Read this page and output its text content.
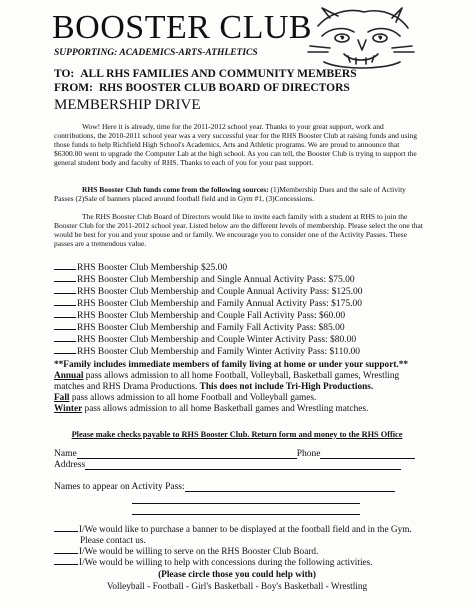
BOOSTER CLUB
SUPPORTING: ACADEMICS-ARTS-ATHLETICS
TO: ALL RHS FAMILIES AND COMMUNITY MEMBERS
FROM: RHS BOOSTER CLUB BOARD OF DIRECTORS
MEMBERSHIP DRIVE
Wow! Here it is already, time for the 2011-2012 school year. Thanks to your great support, work and contributions, the 2010-2011 school year was a very successful year for the RHS Booster Club at raising funds and using those funds to help Richfield High School's Academics, Arts and Athletic programs. We are proud to announce that $6300.00 went to upgrade the Computer Lab at the high school. As you can tell, the Booster Club is trying to support the general student body and faculty of RHS. Thanks to each of you for your past support.
RHS Booster Club funds come from the following sources: (1)Membership Dues and the sale of Activity Passes (2)Sale of banners placed around football field and in Gym #1, (3)Concessions.
The RHS Booster Club Board of Directors would like to invite each family with a student at RHS to join the Booster Club for the 2011-2012 school year. Listed below are the different levels of membership. Please select the one that would be best for you and your spouse and or family. We encourage you to consider one of the Activity Passes. These passes are a tremendous value.
RHS Booster Club Membership $25.00
RHS Booster Club Membership and Single Annual Activity Pass: $75.00
RHS Booster Club Membership and Couple Annual Activity Pass: $125.00
RHS Booster Club Membership and Family Annual Activity Pass: $175.00
RHS Booster Club Membership and Couple Fall Activity Pass: $60.00
RHS Booster Club Membership and Family Fall Activity Pass: $85.00
RHS Booster Club Membership and Couple Winter Activity Pass: $80.00
RHS Booster Club Membership and Family Winter Activity Pass: $110.00
**Family includes immediate members of family living at home or under your support.**
Annual pass allows admission to all home Football, Volleyball, Basketball games, Wrestling matches and RHS Drama Productions. This does not include Tri-High Productions.
Fall pass allows admission to all home Football and Volleyball games.
Winter pass allows admission to all home Basketball games and Wrestling matches.
Please make checks payable to RHS Booster Club. Return form and money to the RHS Office
Name	Phone
Address
Names to appear on Activity Pass:
I/We would like to purchase a banner to be displayed at the football field and in the Gym.
Please contact us.
I/We would be willing to serve on the RHS Booster Club Board.
I/We would be willing to help with concessions during the following activities.
(Please circle those you could help with)
Volleyball - Football - Girl's Basketball - Boy's Basketball - Wrestling
